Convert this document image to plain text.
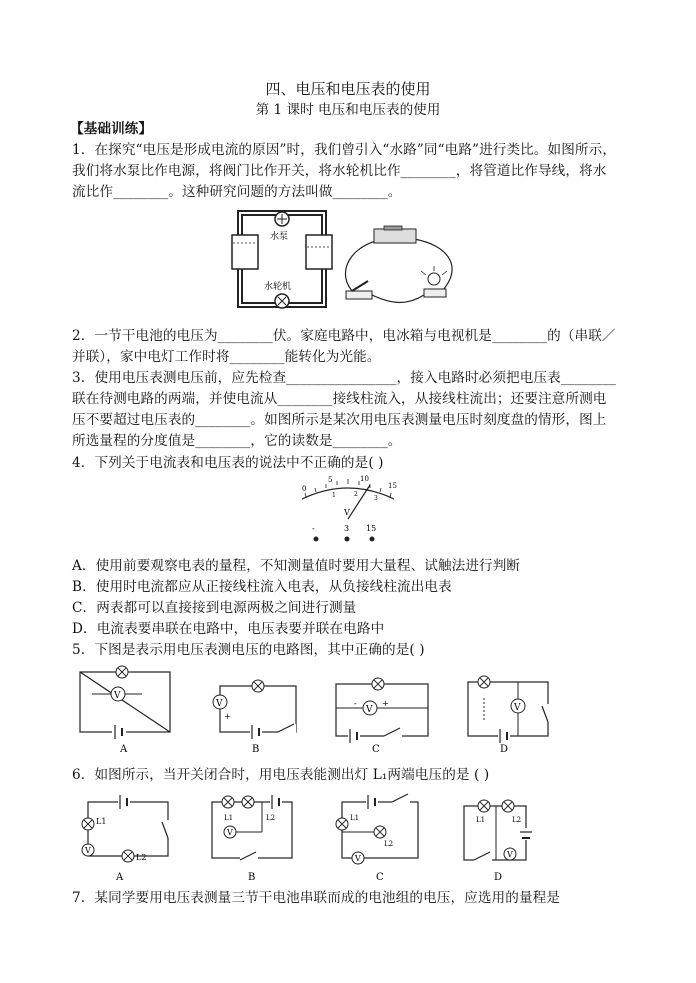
四、电压和电压表的使用
第 1 课时 电压和电压表的使用
【基础训练】
1．在探究“电压是形成电流的原因”时，我们曾引入“水路”同“电路”进行类比。如图所示，
我们将水泵比作电源，将阀门比作开关，将水轮机比作________，将管道比作导线，将水
流比作________。这种研究问题的方法叫做________。
水泵
水轮机
2．一节干电池的电压为________伏。家庭电路中，电冰箱与电视机是________的（串联／
并联），家中电灯工作时将________能转化为光能。
3．使用电压表测电压前，应先检查________________，接入电路时必须把电压表________
联在待测电路的两端，并使电流从________接线柱流入，从接线柱流出；还要注意所测电
压不要超过电压表的________。如图所示是某次用电压表测量电压时刻度盘的情形，图上
所选量程的分度值是________，它的读数是________。
4．下列关于电流表和电压表的说法中不正确的是( )
0
5	10
15
1	2
3
V
-	3 15
A．使用前要观察电表的量程，不知测量值时要用大量程、试触法进行判断
B．使用时电流都应从正接线柱流入电表，从负接线柱流出电表
C．两表都可以直接接到电源两极之间进行测量
D．电流表要串联在电路中，电压表要并联在电路中
5．下图是表示用电压表测电压的电路图，其中正确的是( )
V
A
V
+
B
V
-	+
C
V
D
6．如图所示，当开关闭合时，用电压表能测出灯 L₁两端电压的是 ( )
L1
V
L2
A
L1	L2
V
B
L1
L2
V
C
L1	L2
V
D
7．某同学要用电压表测量三节干电池串联而成的电池组的电压，应选用的量程是
